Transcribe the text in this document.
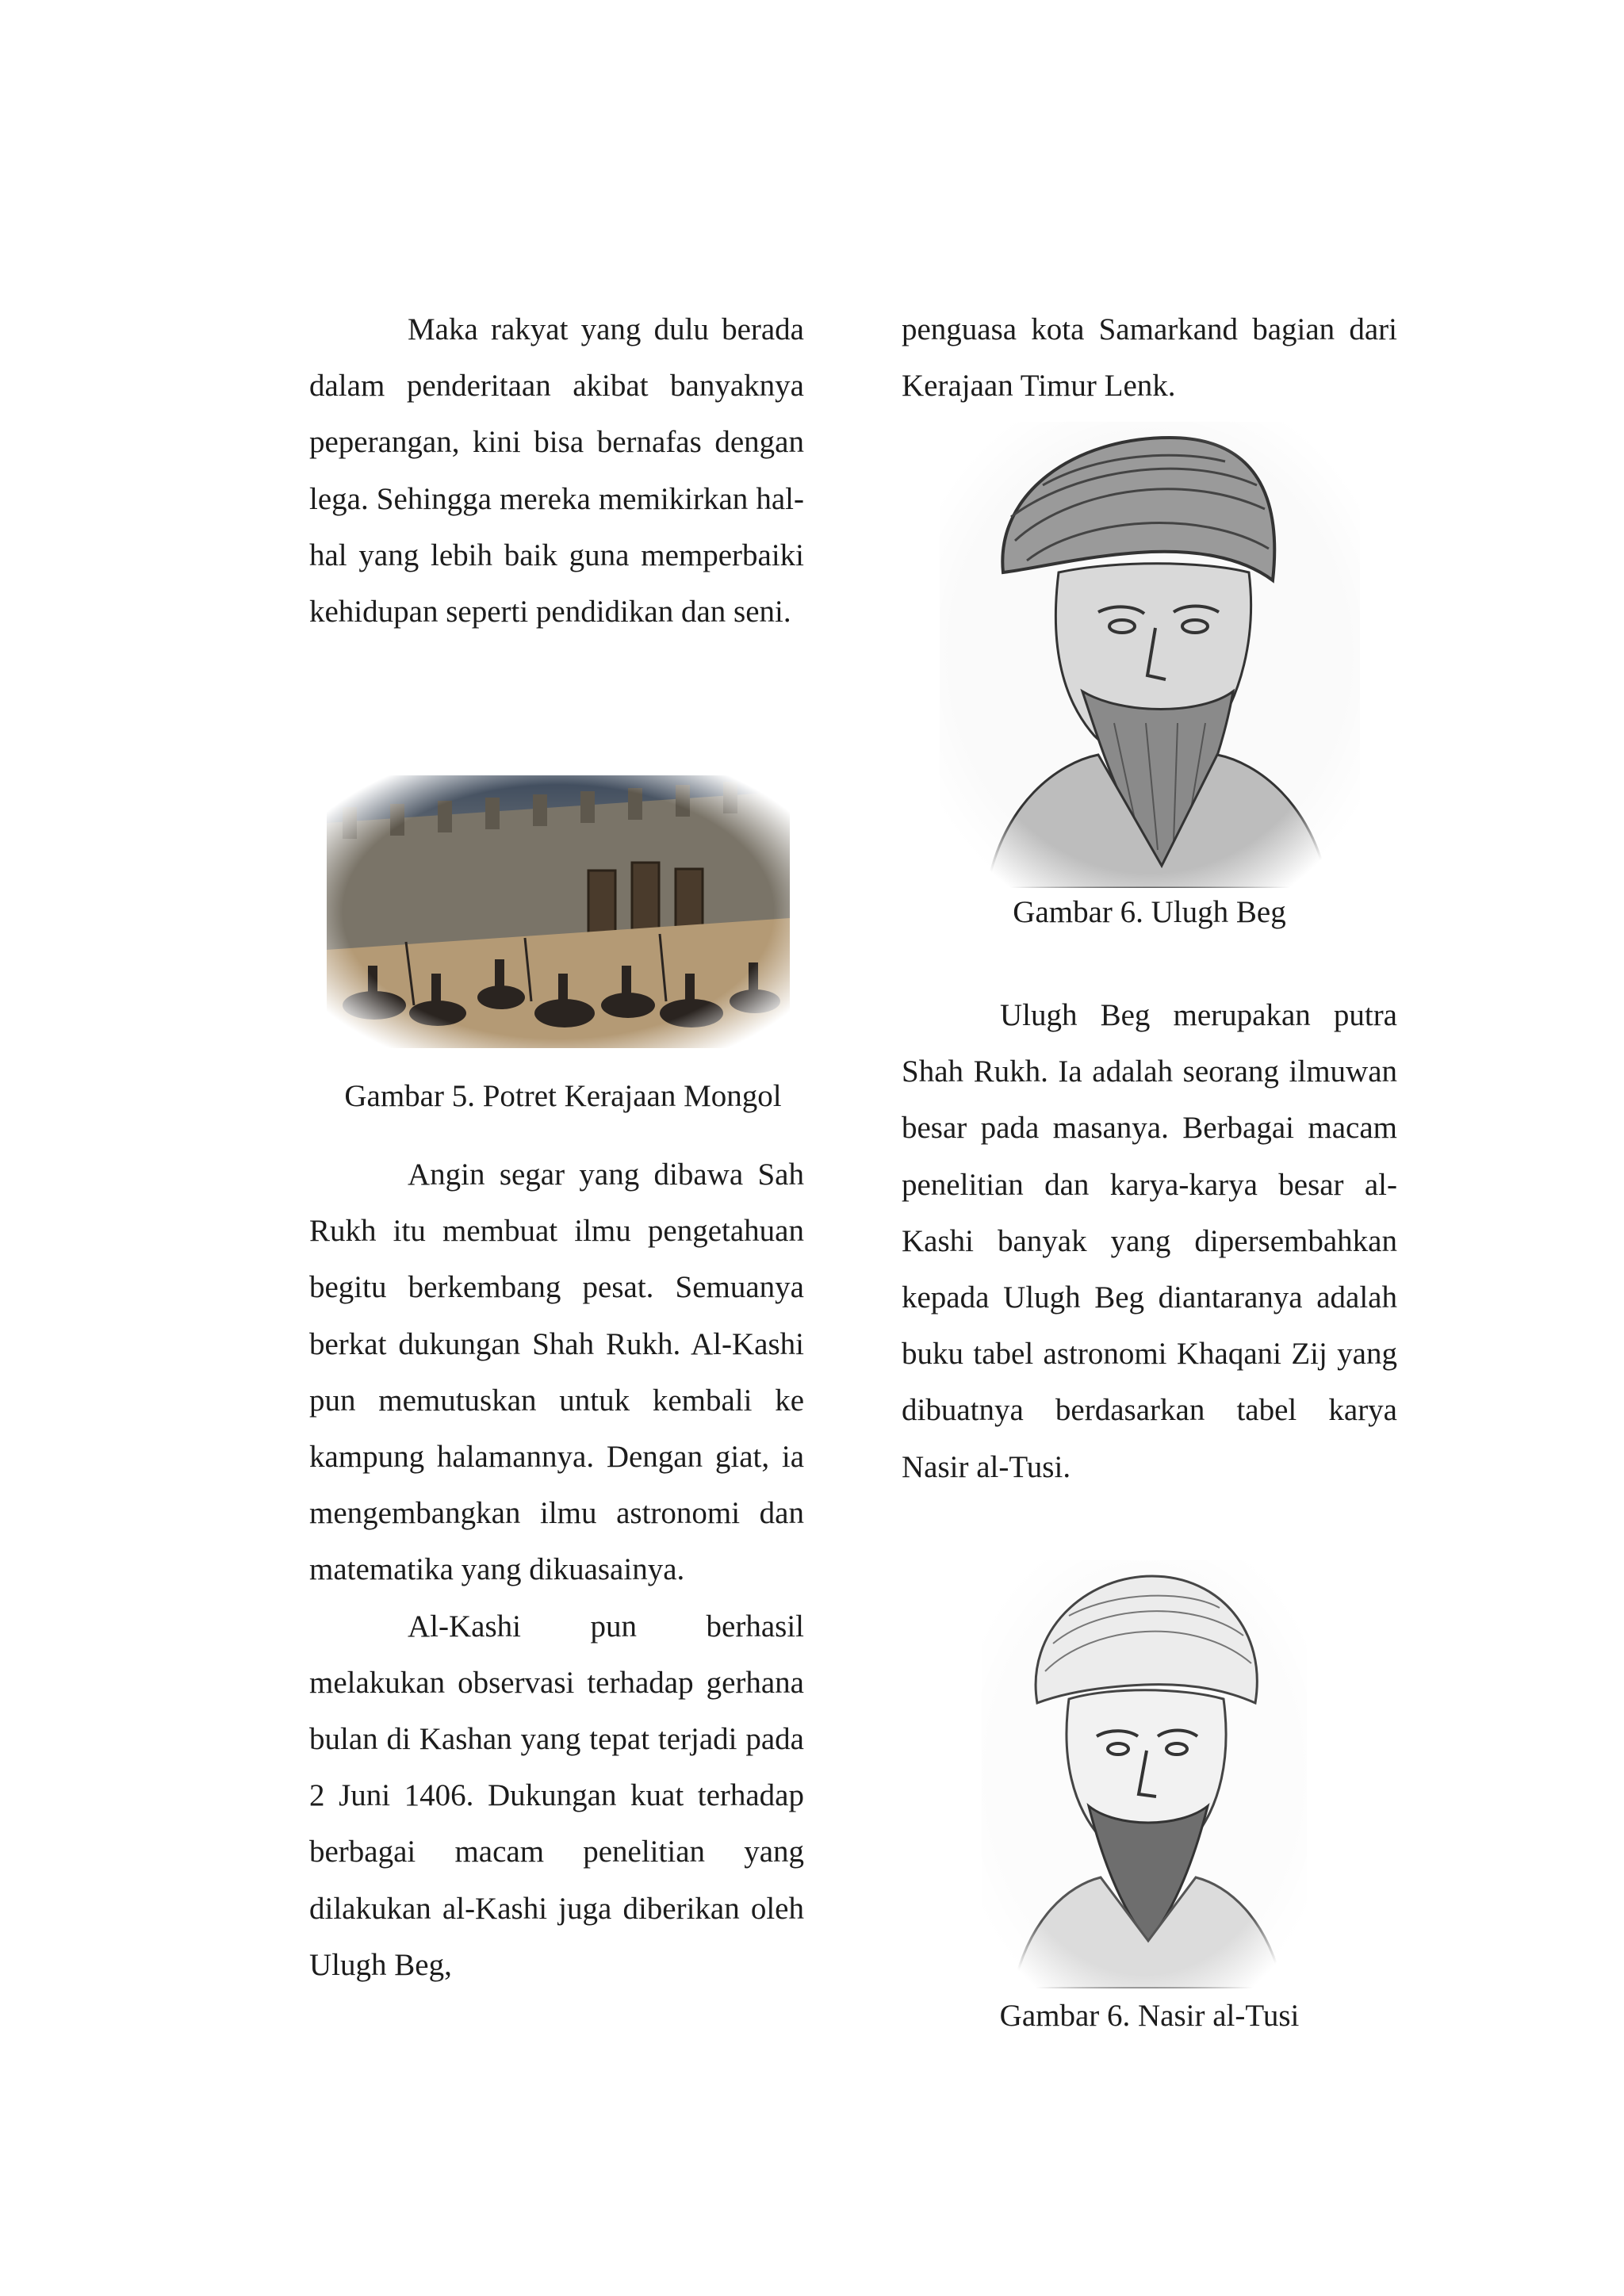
Maka rakyat yang dulu berada dalam penderitaan akibat banyaknya peperangan, kini bisa bernafas dengan lega. Sehingga mereka memikirkan hal-hal yang lebih baik guna memperbaiki kehidupan seperti pendidikan dan seni.

Angin segar yang dibawa Sah Rukh itu membuat ilmu pengetahuan begitu berkembang pesat. Semuanya berkat dukungan Shah Rukh. Al-Kashi pun memutuskan untuk kembali ke kampung halamannya. Dengan giat, ia mengembangkan ilmu astronomi dan matematika yang dikuasainya.

Al-Kashi pun berhasil melakukan observasi terhadap gerhana bulan di Kashan yang tepat terjadi pada 2 Juni 1406. Dukungan kuat terhadap berbagai macam penelitian yang dilakukan al-Kashi juga diberikan oleh Ulugh Beg,

penguasa kota Samarkand bagian dari Kerajaan Timur Lenk.

Ulugh Beg merupakan putra Shah Rukh. Ia adalah seorang ilmuwan besar pada masanya. Berbagai macam penelitian dan karya-karya besar al-Kashi banyak yang dipersembahkan kepada Ulugh Beg diantaranya adalah buku tabel astronomi Khaqani Zij yang dibuatnya berdasarkan tabel karya Nasir al-Tusi.

Gambar 5. Potret Kerajaan Mongol
Gambar 6. Ulugh Beg
Gambar 6. Nasir al-Tusi
